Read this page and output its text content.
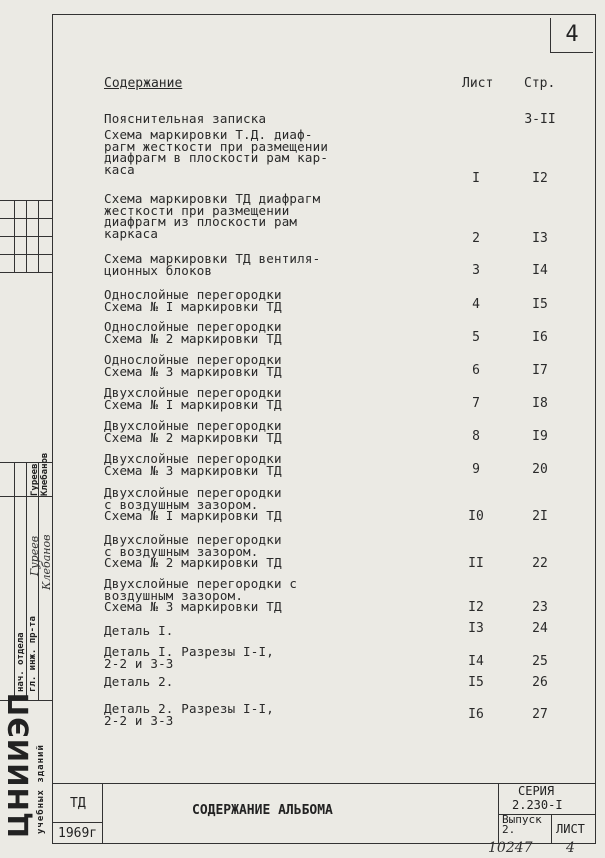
4
Содержание	Лист Стр.
Пояснительная записка	3-II
Схема маркировки Т.Д. диаф-
рагм жесткости при размещении
диафрагм в плоскости рам кар-
каса
I	I2
Схема маркировки ТД диафрагм
жесткости при размещении
диафрагм из плоскости рам
каркаса	2	I3
Схема маркировки ТД вентиля-
ционных блоков	3	I4
Однослойные перегородки
Схема № I маркировки ТД	4	I5
Однослойные перегородки
Схема № 2 маркировки ТД	5	I6
Однослойные перегородки
Схема № 3 маркировки ТД	6	I7
Двухслойные перегородки
Схема № I маркировки ТД	7	I8
Двухслойные перегородки
Схема № 2 маркировки ТД	8	I9
Двухслойные перегородки
Схема № 3 маркировки ТД	9	20
Двухслойные перегородки
с воздушным зазором.
Схема № I маркировки ТД	I0	2I
Двухслойные перегородки
с воздушным зазором.
Схема № 2 маркировки ТД	II	22
Двухслойные перегородки с
воздушным зазором.
Схема № 3 маркировки ТД	I2	23
Деталь I.	I3	24
Деталь I. Разрезы I-I,
2-2 и 3-3	I4	25
Деталь 2.	I5	26
Деталь 2. Разрезы I-I,
2-2 и 3-3	I6	27
нач. отдела гл. инж. пр-та
Гуреев Клебанов
Гуреев Клебанов
ЦНИИЭП учебных зданий ТД
1969г
СОДЕРЖАНИЕ АЛЬБОМА
СЕРИЯ
2.230-I
Выпуск
2.	ЛИСТ
10247 4
